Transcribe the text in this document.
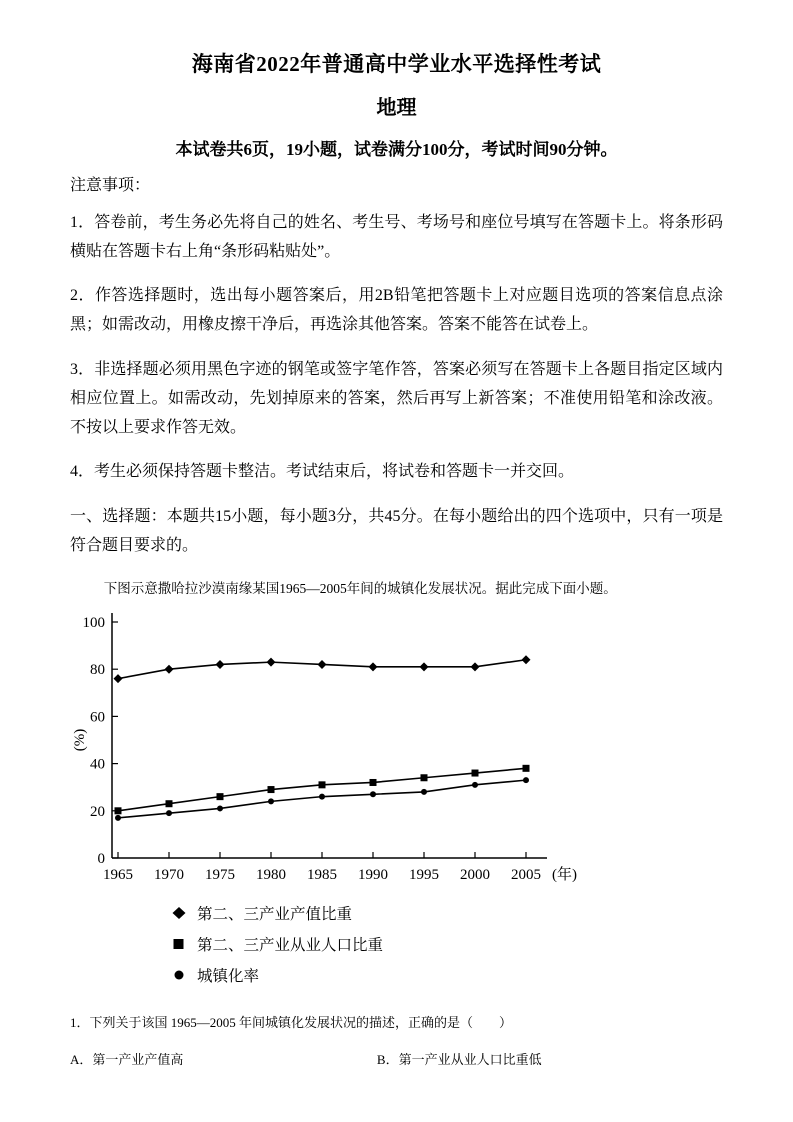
海南省2022年普通高中学业水平选择性考试
地理
本试卷共6页，19小题，试卷满分100分，考试时间90分钟。
注意事项：

1．答卷前，考生务必先将自己的姓名、考生号、考场号和座位号填写在答题卡上。将条形码横贴在答题卡右上角“条形码粘贴处”。

2．作答选择题时，选出每小题答案后，用2B铅笔把答题卡上对应题目选项的答案信息点涂黑；如需改动，用橡皮擦干净后，再选涂其他答案。答案不能答在试卷上。

3．非选择题必须用黑色字迹的钢笔或签字笔作答，答案必须写在答题卡上各题目指定区域内相应位置上。如需改动，先划掉原来的答案，然后再写上新答案；不准使用铅笔和涂改液。不按以上要求作答无效。

4．考生必须保持答题卡整洁。考试结束后，将试卷和答题卡一并交回。

一、选择题：本题共15小题，每小题3分，共45分。在每小题给出的四个选项中，只有一项是符合题目要求的。

下图示意撒哈拉沙漠南缘某国1965—2005年间的城镇化发展状况。据此完成下面小题。

0
20
40
60
80
100
1965 1970 1975 1980 1985 1990 1995 2000 2005 (年)
(%)
第二、三产业产值比重
第二、三产业从业人口比重
城镇化率

1．下列关于该国 1965—2005 年间城镇化发展状况的描述，正确的是（　　）

A．第一产业产值高	B．第一产业从业人口比重低
